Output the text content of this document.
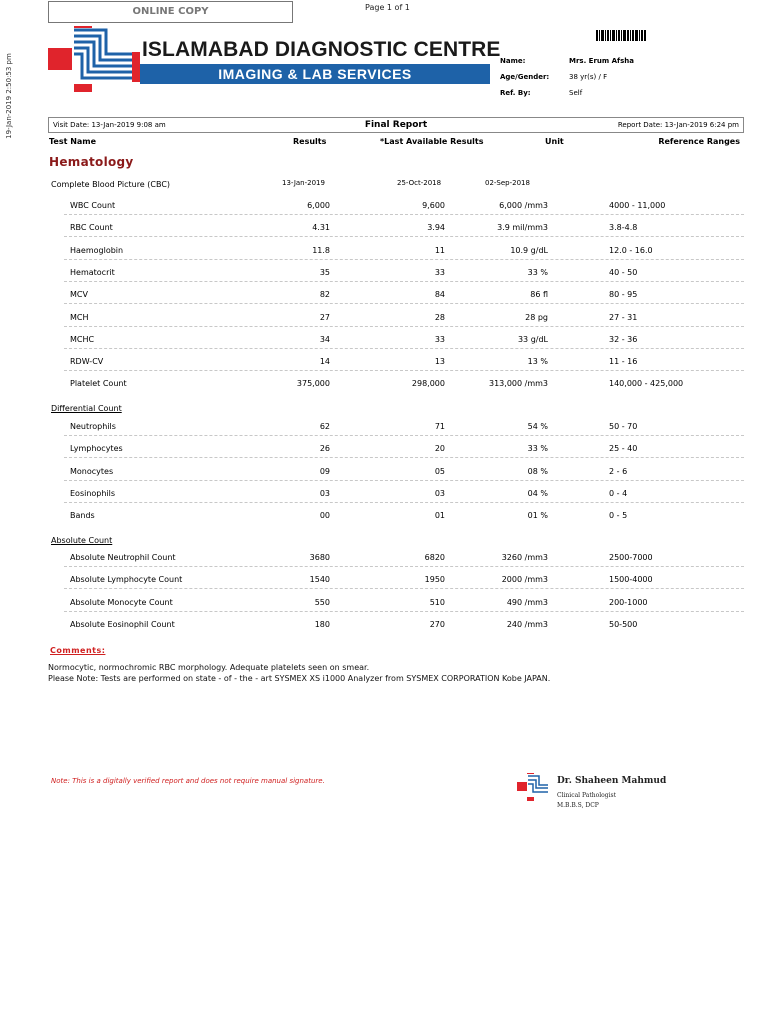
ONLINE COPY	Page 1 of 1
19-Jan-2019 2:50:53 pm
ISLAMABAD DIAGNOSTIC CENTRE
IMAGING & LAB SERVICES
Name:	Mrs. Erum Afsha
Age/Gender:	38 yr(s) / F
Ref. By:	Self
Visit Date: 13-Jan-2019 9:08 am	Final Report	Report Date: 13-Jan-2019 6:24 pm
Test Name	Results	*Last Available Results	Unit	Reference Ranges
Hematology
Complete Blood Picture (CBC)	13-Jan-2019	25-Oct-2018	02-Sep-2018
WBC Count	6,000	9,600	6,000 /mm3	4000 - 11,000
RBC Count	4.31	3.94	3.9 mil/mm3	3.8-4.8
Haemoglobin	11.8	11	10.9 g/dL	12.0 - 16.0
Hematocrit	35	33	33 %	40 - 50
MCV	82	84	86 fl	80 - 95
MCH	27	28	28 pg	27 - 31
MCHC	34	33	33 g/dL	32 - 36
RDW-CV	14	13	13 %	11 - 16
Platelet Count	375,000	298,000	313,000 /mm3	140,000 - 425,000
Differential Count
Neutrophils	62	71	54 %	50 - 70
Lymphocytes	26	20	33 %	25 - 40
Monocytes	09	05	08 %	2 - 6
Eosinophils	03	03	04 %	0 - 4
Bands	00	01	01 %	0 - 5
Absolute Count
Absolute Neutrophil Count	3680	6820	3260 /mm3	2500-7000
Absolute Lymphocyte Count	1540	1950	2000 /mm3	1500-4000
Absolute Monocyte Count	550	510	490 /mm3	200-1000
Absolute Eosinophil Count	180	270	240 /mm3	50-500
Comments:
Normocytic, normochromic RBC morphology. Adequate platelets seen on smear.
Please Note: Tests are performed on state - of - the - art SYSMEX XS i1000 Analyzer from SYSMEX CORPORATION Kobe JAPAN.
Note: This is a digitally verified report and does not require manual signature.	Dr. Shaheen Mahmud
Clinical Pathologist
M.B.B.S, DCP
